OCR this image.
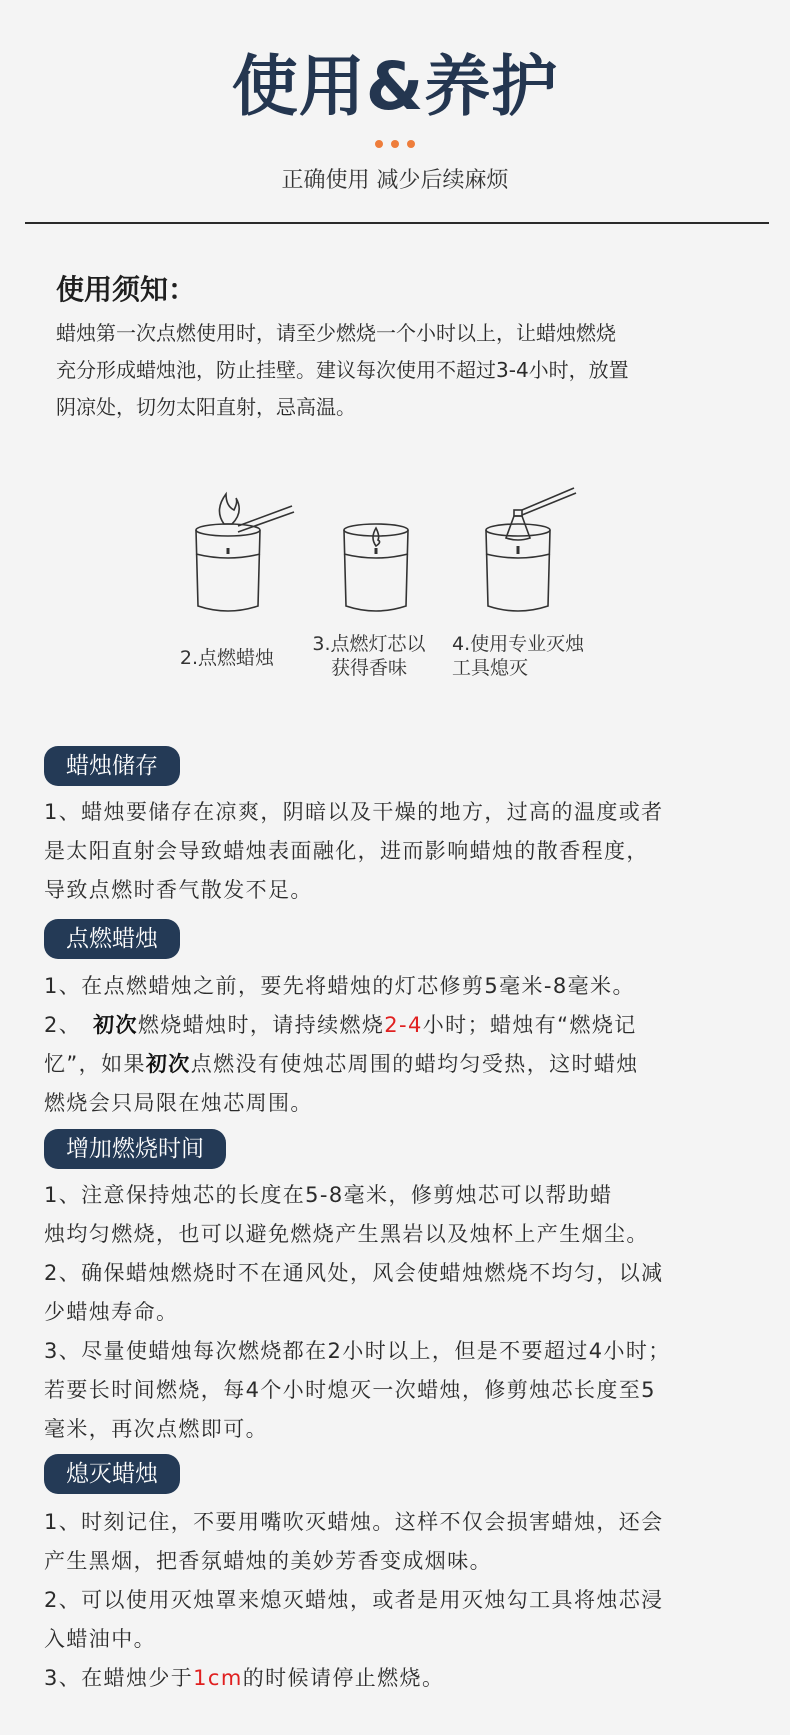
使用&养护
正确使用 减少后续麻烦
使用须知：
蜡烛第一次点燃使用时，请至少燃烧一个小时以上，让蜡烛燃烧
充分形成蜡烛池，防止挂壁。建议每次使用不超过3-4小时，放置
阴凉处，切勿太阳直射，忌高温。
2.点燃蜡烛
3.点燃灯芯以
获得香味
4.使用专业灭烛
工具熄灭
蜡烛储存

1、蜡烛要储存在凉爽，阴暗以及干燥的地方，过高的温度或者

是太阳直射会导致蜡烛表面融化，进而影响蜡烛的散香程度，

导致点燃时香气散发不足。

点燃蜡烛

1、在点燃蜡烛之前，要先将蜡烛的灯芯修剪5毫米-8毫米。

2、　初次燃烧蜡烛时，请持续燃烧2-4小时；蜡烛有“燃烧记

忆”，如果初次点燃没有使烛芯周围的蜡均匀受热，这时蜡烛

燃烧会只局限在烛芯周围。

增加燃烧时间

1、注意保持烛芯的长度在5-8毫米，修剪烛芯可以帮助蜡

烛均匀燃烧，也可以避免燃烧产生黑岩以及烛杯上产生烟尘。

2、确保蜡烛燃烧时不在通风处，风会使蜡烛燃烧不均匀，以减

少蜡烛寿命。

3、尽量使蜡烛每次燃烧都在2小时以上，但是不要超过4小时；

若要长时间燃烧，每4个小时熄灭一次蜡烛，修剪烛芯长度至5

毫米，再次点燃即可。

熄灭蜡烛

1、时刻记住，不要用嘴吹灭蜡烛。这样不仅会损害蜡烛，还会

产生黑烟，把香氛蜡烛的美妙芳香变成烟味。

2、可以使用灭烛罩来熄灭蜡烛，或者是用灭烛勾工具将烛芯浸

入蜡油中。

3、在蜡烛少于1cm的时候请停止燃烧。
